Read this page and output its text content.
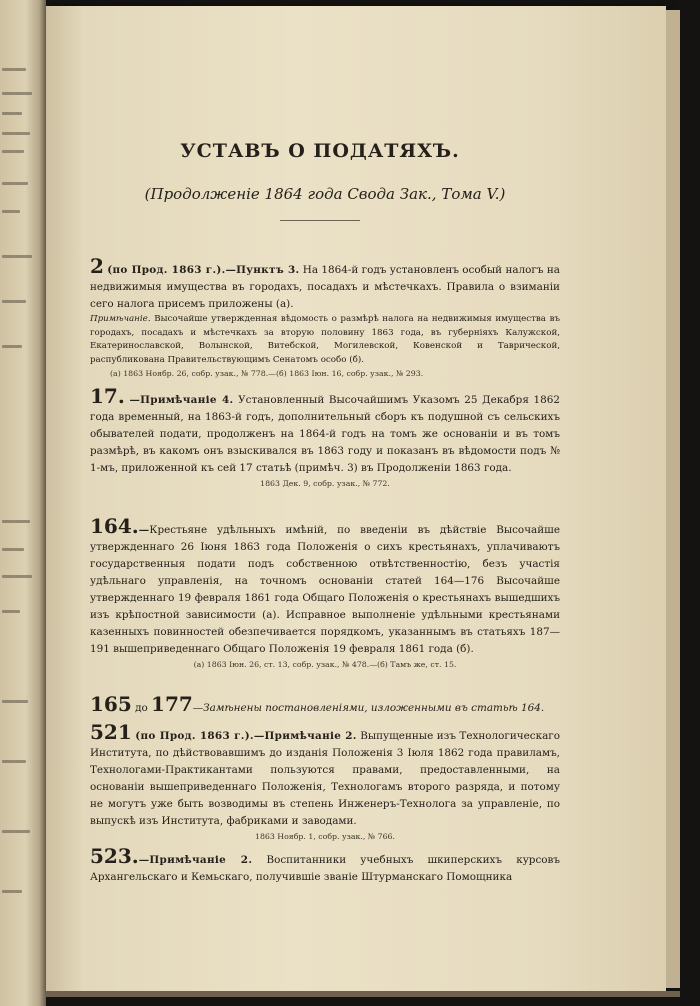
УСТАВЪ О ПОДАТЯХЪ.
(Продолженіе 1864 года Свода Зак., Тома V.)

2 (по Прод. 1863 г.).—Пунктъ 3. На 1864-й годъ установленъ особый налогъ на недвижимыя имущества въ городахъ, посадахъ и мѣстечкахъ. Правила о взиманіи сего налога присемъ приложены (а).

Примѣчаніе. Высочайше утвержденная вѣдомость о размѣрѣ налога на недвижимыя имущества въ городахъ, посадахъ и мѣстечкахъ за вторую половину 1863 года, въ губерніяхъ Калужской, Екатеринославской, Волынской, Витебской, Могилевской, Ковенской и Таврической, распубликована Правительствующимъ Сенатомъ особо (б).

(а) 1863 Ноябр. 26, собр. узак., № 778.—(б) 1863 Іюн. 16, собр. узак., № 293.

17. —Примѣчаніе 4. Установленный Высочайшимъ Указомъ 25 Декабря 1862 года временный, на 1863-й годъ, дополнительный сборъ къ подушной съ сельскихъ обывателей подати, продолженъ на 1864-й годъ на томъ же основаніи и въ томъ размѣрѣ, въ какомъ онъ взыскивался въ 1863 году и показанъ въ вѣдомости подъ № 1-мъ, приложенной къ сей 17 статьѣ (примѣч. 3) въ Продолженіи 1863 года.

1863 Дек. 9, собр. узак., № 772.

164.—Крестьяне удѣльныхъ имѣній, по введеніи въ дѣйствіе Высочайше утвержденнаго 26 Іюня 1863 года Положенія о сихъ крестьянахъ, уплачиваютъ государственныя подати подъ собственною отвѣтственностію, безъ участія удѣльнаго управленія, на точномъ основаніи статей 164—176 Высочайше утвержденнаго 19 февраля 1861 года Общаго Положенія о крестьянахъ вышедшихъ изъ крѣпостной зависимости (а). Исправное выполненіе удѣльными крестьянами казенныхъ повинностей обезпечивается порядкомъ, указаннымъ въ статьяхъ 187—191 вышеприведеннаго Общаго Положенія 19 февраля 1861 года (б).

(а) 1863 Іюн. 26, ст. 13, собр. узак., № 478.—(б) Тамъ же, ст. 15.

165 до 177—Замѣнены постановленіями, изложенными въ статьѣ 164.

521 (по Прод. 1863 г.).—Примѣчаніе 2. Выпущенные изъ Технологическаго Института, по дѣйствовавшимъ до изданія Положенія 3 Іюля 1862 года правиламъ, Технологами-Практикантами пользуются правами, предоставленными, на основаніи вышеприведеннаго Положенія, Технологамъ второго разряда, и потому не могутъ уже быть возводимы въ степень Инженеръ-Технолога за управленіе, по выпускѣ изъ Института, фабриками и заводами.

1863 Ноябр. 1, собр. узак., № 766.

523.—Примѣчаніе 2. Воспитанники учебныхъ шкиперскихъ курсовъ Архангельскаго и Кемьскаго, получившіе званіе Штурманскаго Помощника
